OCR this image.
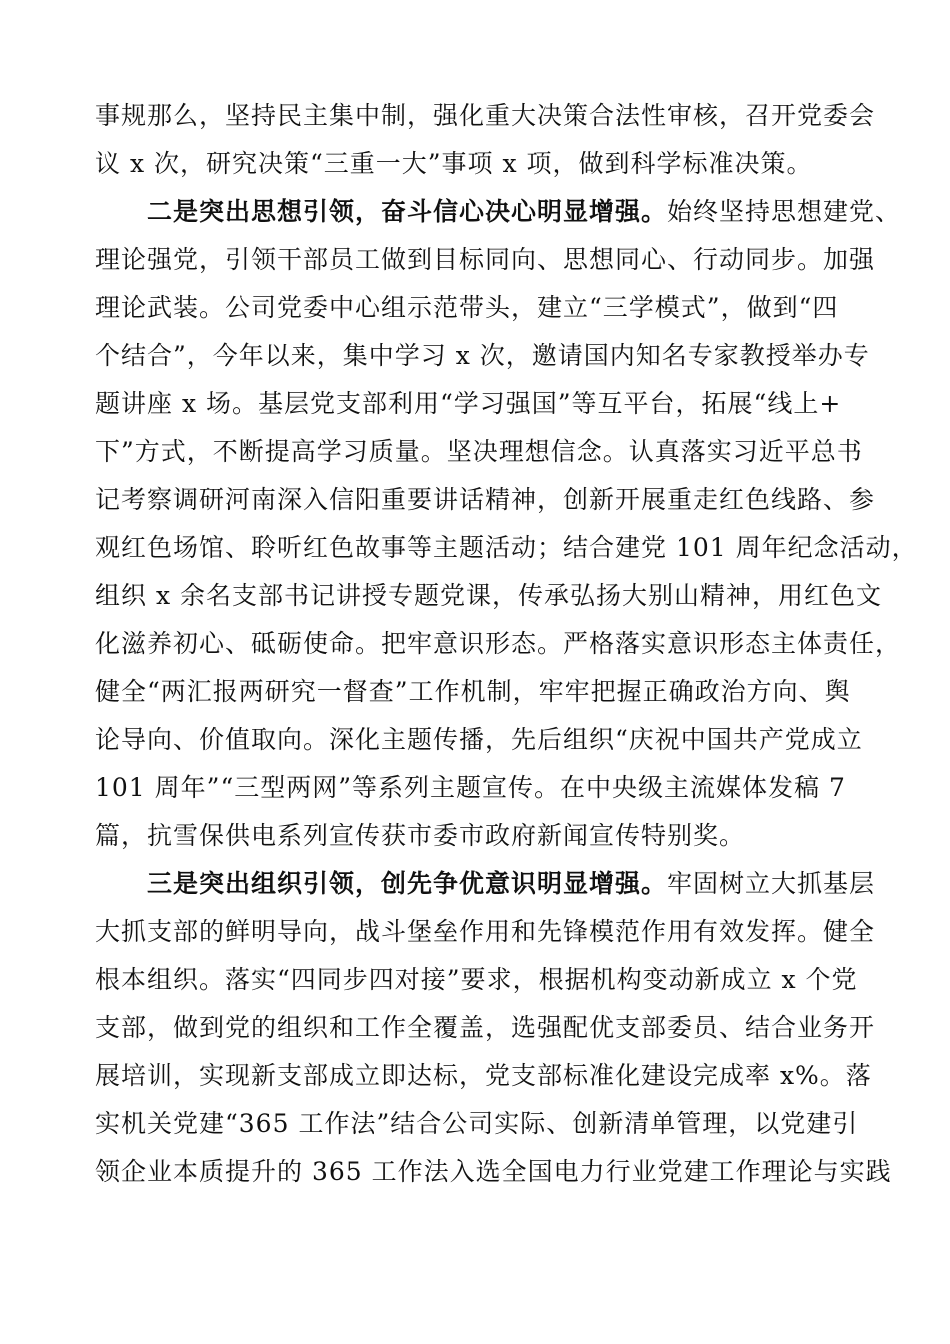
事规那么，坚持民主集中制，强化重大决策合法性审核，召开党委会
议 x 次，研究决策“三重一大”事项 x 项，做到科学标准决策。
二是突出思想引领，奋斗信心决心明显增强。始终坚持思想建党、
理论强党，引领干部员工做到目标同向、思想同心、行动同步。加强
理论武装。公司党委中心组示范带头，建立“三学模式”，做到“四
个结合”，今年以来，集中学习 x 次，邀请国内知名专家教授举办专
题讲座 x 场。基层党支部利用“学习强国”等互平台，拓展“线上+
下”方式，不断提高学习质量。坚决理想信念。认真落实习近平总书
记考察调研河南深入信阳重要讲话精神，创新开展重走红色线路、参
观红色场馆、聆听红色故事等主题活动；结合建党 101 周年纪念活动，
组织 x 余名支部书记讲授专题党课，传承弘扬大别山精神，用红色文
化滋养初心、砥砺使命。把牢意识形态。严格落实意识形态主体责任，
健全“两汇报两研究一督查”工作机制，牢牢把握正确政治方向、舆
论导向、价值取向。深化主题传播，先后组织“庆祝中国共产党成立
101 周年”“三型两网”等系列主题宣传。在中央级主流媒体发稿 7
篇，抗雪保供电系列宣传获市委市政府新闻宣传特别奖。
三是突出组织引领，创先争优意识明显增强。牢固树立大抓基层
大抓支部的鲜明导向，战斗堡垒作用和先锋模范作用有效发挥。健全
根本组织。落实“四同步四对接”要求，根据机构变动新成立 x 个党
支部，做到党的组织和工作全覆盖，选强配优支部委员、结合业务开
展培训，实现新支部成立即达标，党支部标准化建设完成率 x%。落
实机关党建“365 工作法”结合公司实际、创新清单管理，以党建引
领企业本质提升的 365 工作法入选全国电力行业党建工作理论与实践
